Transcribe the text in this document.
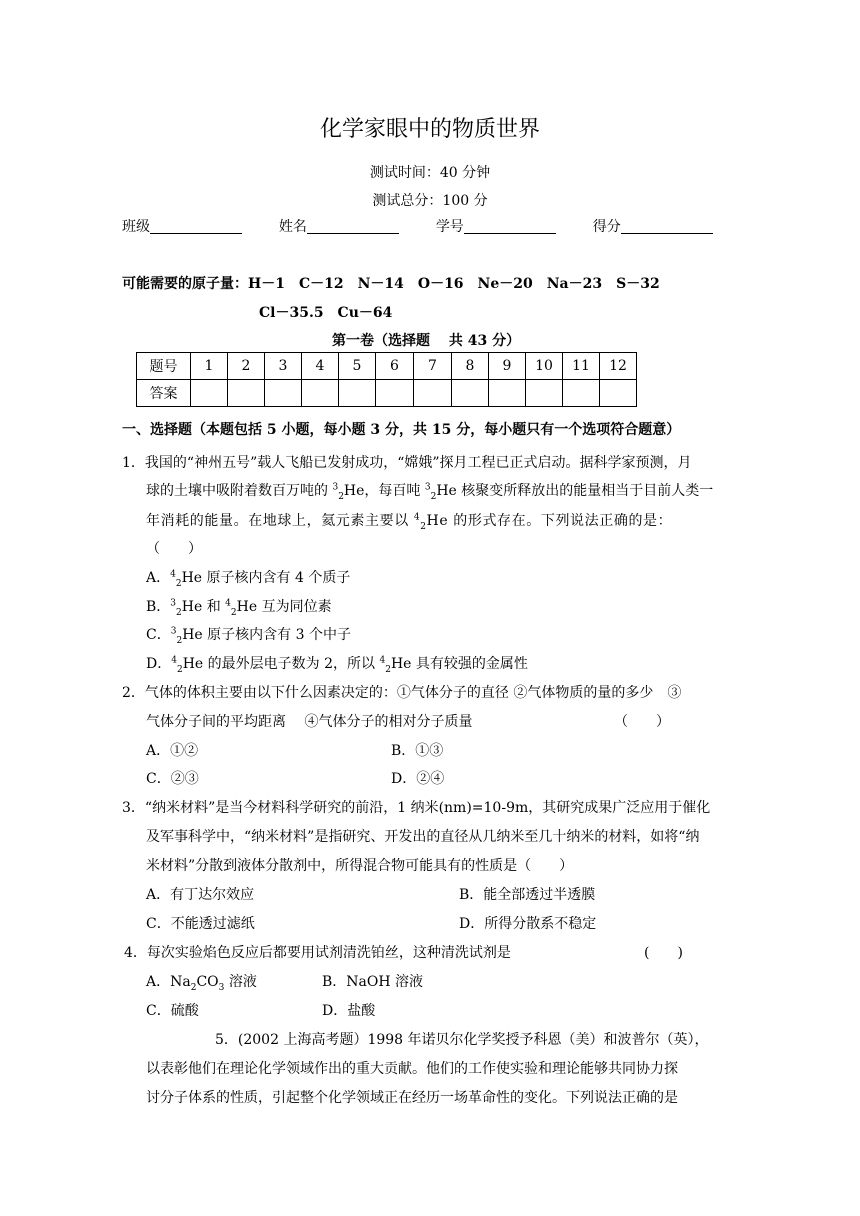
化学家眼中的物质世界
测试时间：40 分钟
测试总分：100 分
班级	姓名	学号	得分
可能需要的原子量：H－1　C－12　N－14　O－16　Ne－20　Na－23　S－32
Cl－35.5　Cu－64
第一卷（选择题　 共 43 分）
题号	1	2	3	4	5	6	7	8	9	10	11	12
答案												
一、选择题（本题包括 5 小题，每小题 3 分，共 15 分，每小题只有一个选项符合题意）
1．我国的“神州五号”载人飞船已发射成功，“嫦娥”探月工程已正式启动。据科学家预测，月
球的土壤中吸附着数百万吨的 $^3_2$He，每百吨 $^3_2$He 核聚变所释放出的能量相当于目前人类一
年消耗的能量。在地球上，氦元素主要以 $^4_2$He 的形式存在。下列说法正确的是：
（　　）
A．$^4_2$He 原子核内含有 4 个质子
B．$^3_2$He 和 $^4_2$He 互为同位素
C．$^3_2$He 原子核内含有 3 个中子
D．$^4_2$He 的最外层电子数为 2，所以 $^4_2$He 具有较强的金属性
2．气体的体积主要由以下什么因素决定的：①气体分子的直径 ②气体物质的量的多少　③
气体分子间的平均距离　 ④气体分子的相对分子质量	（　　）
A．①②	B．①③
C．②③	D．②④
3．“纳米材料”是当今材料科学研究的前沿，1 纳米(nm)=10-9m，其研究成果广泛应用于催化
及军事科学中，“纳米材料”是指研究、开发出的直径从几纳米至几十纳米的材料，如将“纳
米材料”分散到液体分散剂中，所得混合物可能具有的性质是（　　）
A．有丁达尔效应	B．能全部透过半透膜
C．不能透过滤纸	D．所得分散系不稳定
4．每次实验焰色反应后都要用试剂清洗铂丝，这种清洗试剂是	(　　)
A．$Na_2CO_3$ 溶液	B．NaOH 溶液
C．硫酸	D．盐酸
5．(2002 上海高考题）1998 年诺贝尔化学奖授予科恩（美）和波普尔（英），
以表彰他们在理论化学领域作出的重大贡献。他们的工作使实验和理论能够共同协力探
讨分子体系的性质，引起整个化学领域正在经历一场革命性的变化。下列说法正确的是
